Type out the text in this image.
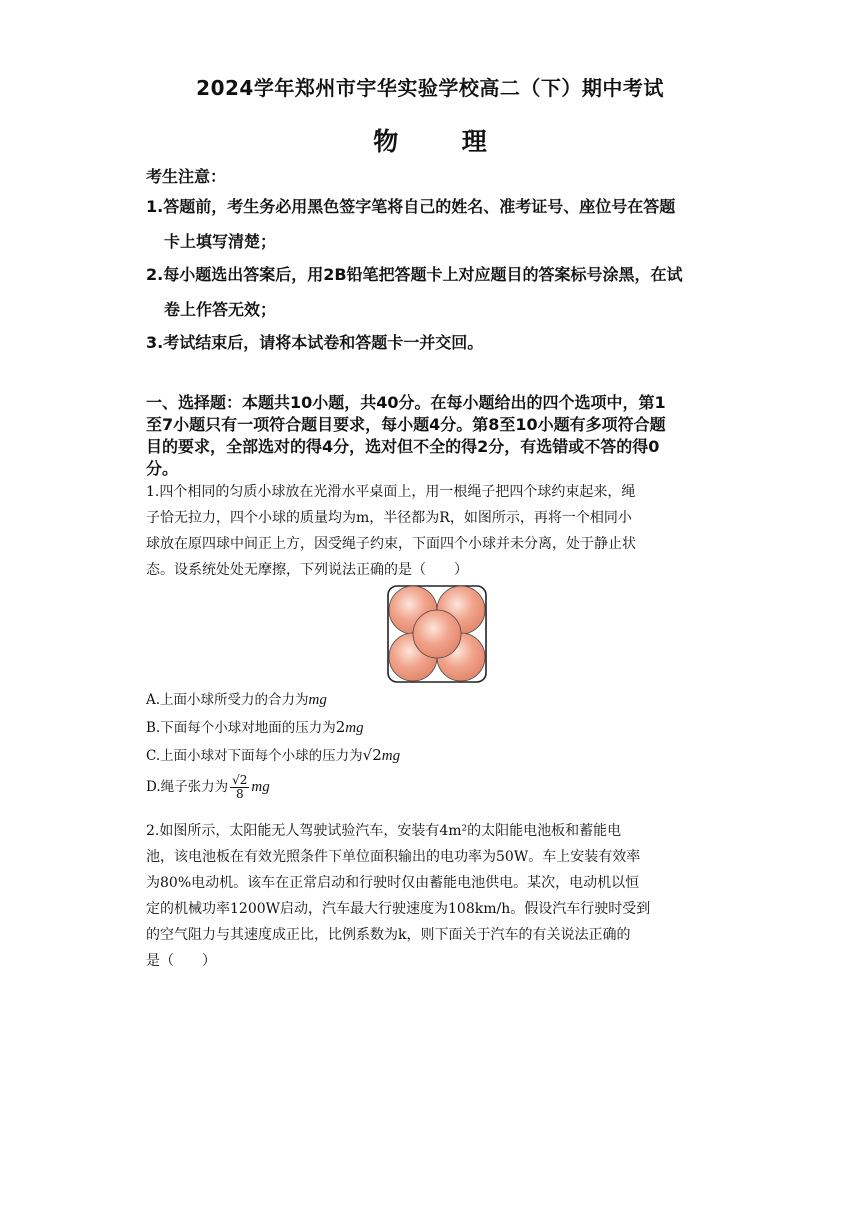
2024学年郑州市宇华实验学校高二（下）期中考试
物	理
考生注意：
1.答题前，考生务必用黑色签字笔将自己的姓名、准考证号、座位号在答题
卡上填写清楚；
2.每小题选出答案后，用2B铅笔把答题卡上对应题目的答案标号涂黑，在试
卷上作答无效；
3.考试结束后，请将本试卷和答题卡一并交回。
一、选择题：本题共10小题，共40分。在每小题给出的四个选项中，第1
至7小题只有一项符合题目要求，每小题4分。第8至10小题有多项符合题
目的要求，全部选对的得4分，选对但不全的得2分，有选错或不答的得0
分。
1.四个相同的匀质小球放在光滑水平桌面上，用一根绳子把四个球约束起来，绳
子恰无拉力，四个小球的质量均为m，半径都为R，如图所示，再将一个相同小
球放在原四球中间正上方，因受绳子约束，下面四个小球并未分离，处于静止状
态。设系统处处无摩擦，下列说法正确的是（　　）
A.上面小球所受力的合力为mg
B.下面每个小球对地面的压力为2mg
C.上面小球对下面每个小球的压力为√2mg
D.绳子张力为 $\frac{√2}{8}$ mg
2.如图所示，太阳能无人驾驶试验汽车，安装有4m²的太阳能电池板和蓄能电
池，该电池板在有效光照条件下单位面积输出的电功率为50W。车上安装有效率
为80%电动机。该车在正常启动和行驶时仅由蓄能电池供电。某次，电动机以恒
定的机械功率1200W启动，汽车最大行驶速度为108km/h。假设汽车行驶时受到
的空气阻力与其速度成正比，比例系数为k，则下面关于汽车的有关说法正确的
是（　　）
